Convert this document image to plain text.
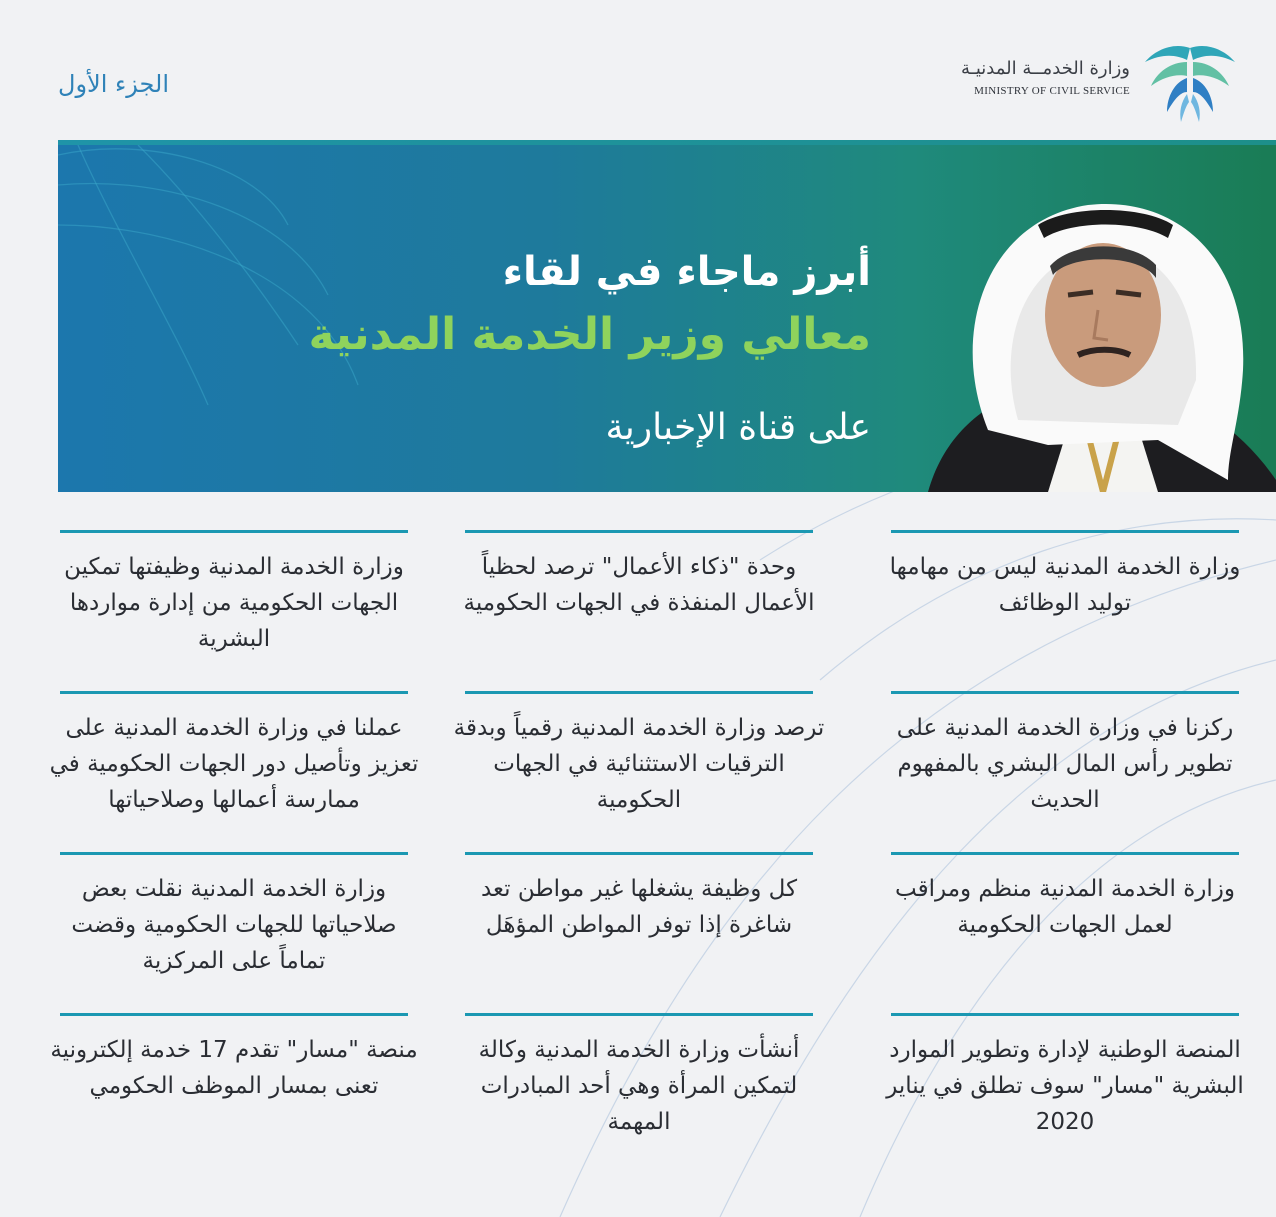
الجزء الأول
وزارة الخدمــة المدنيـة
MINISTRY OF CIVIL SERVICE
أبرز ماجاء في لقاء
معالي وزير الخدمة المدنية
على قناة الإخبارية
وزارة الخدمة المدنية ليس من مهامها توليد الوظائف
وحدة "ذكاء الأعمال" ترصد لحظياً الأعمال المنفذة في الجهات الحكومية
وزارة الخدمة المدنية وظيفتها تمكين الجهات الحكومية من إدارة مواردها البشرية
ركزنا في وزارة الخدمة المدنية على تطوير رأس المال البشري بالمفهوم الحديث
ترصد وزارة الخدمة المدنية رقمياً وبدقة الترقيات الاستثنائية في الجهات الحكومية
عملنا في وزارة الخدمة المدنية على تعزيز وتأصيل دور الجهات الحكومية في ممارسة أعمالها وصلاحياتها
وزارة الخدمة المدنية منظم ومراقب لعمل الجهات الحكومية
كل وظيفة يشغلها غير مواطن تعد شاغرة إذا توفر المواطن المؤهَل
وزارة الخدمة المدنية نقلت بعض صلاحياتها للجهات الحكومية وقضت تماماً على المركزية
المنصة الوطنية لإدارة وتطوير الموارد البشرية "مسار" سوف تطلق في يناير 2020
أنشأت وزارة الخدمة المدنية وكالة لتمكين المرأة وهي أحد المبادرات المهمة
منصة "مسار" تقدم 17 خدمة إلكترونية تعنى بمسار الموظف الحكومي
